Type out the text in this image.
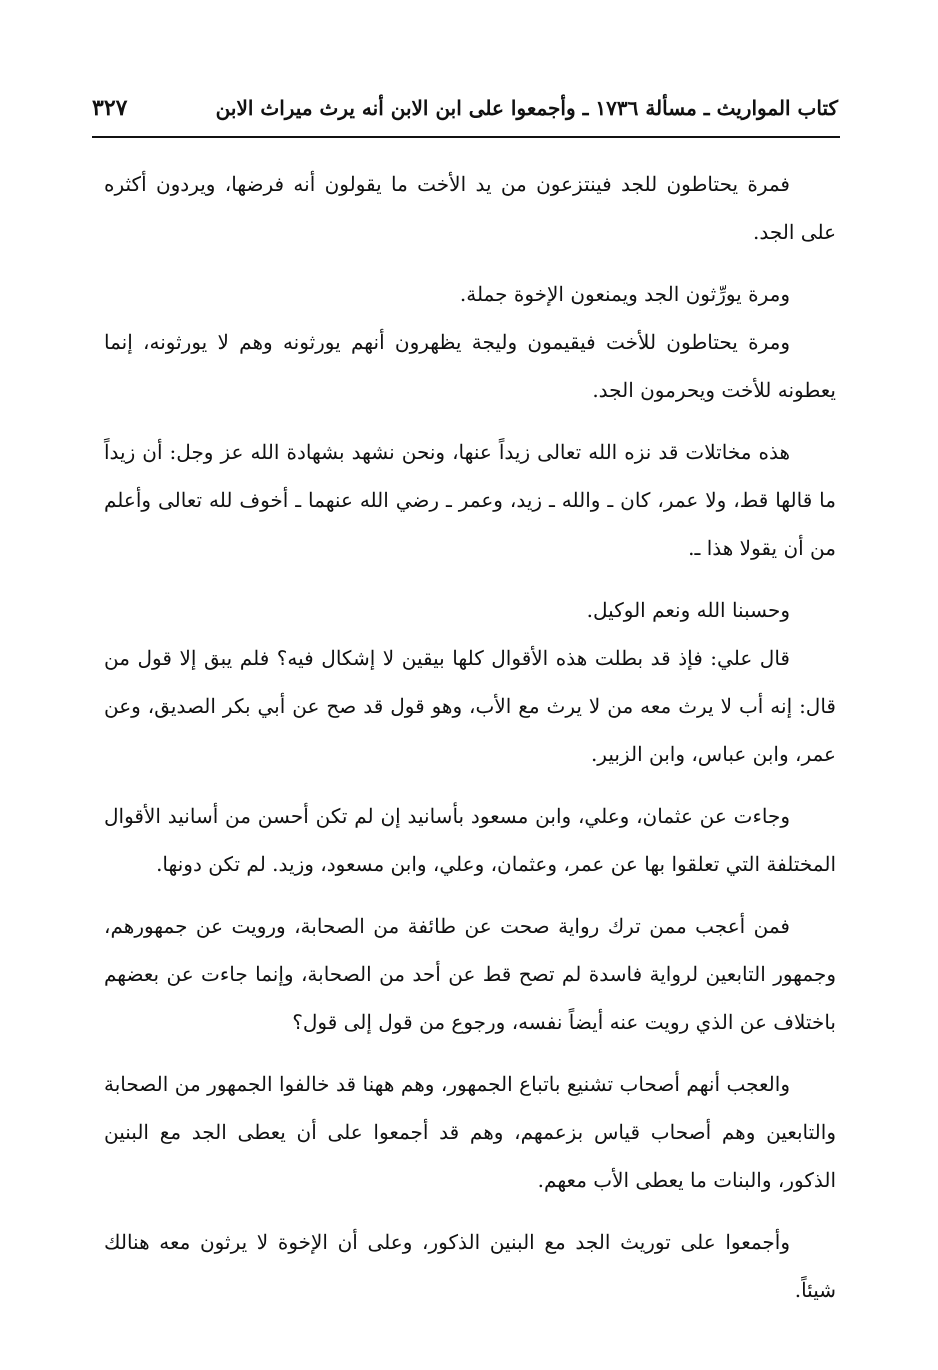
كتاب المواريث ـ مسألة ١٧٣٦ ـ وأجمعوا على ابن الابن أنه يرث ميراث الابن
٣٢٧

فمرة يحتاطون للجد فينتزعون من يد الأخت ما يقولون أنه فرضها، ويردون أكثره على الجد.

ومرة يورِّثون الجد ويمنعون الإخوة جملة.

ومرة يحتاطون للأخت فيقيمون وليجة يظهرون أنهم يورثونه وهم لا يورثونه، إنما يعطونه للأخت ويحرمون الجد.

هذه مخاتلات قد نزه الله تعالى زيداً عنها، ونحن نشهد بشهادة الله عز وجل: أن زيداً ما قالها قط، ولا عمر، كان ـ والله ـ زيد، وعمر ـ رضي الله عنهما ـ أخوف لله تعالى وأعلم من أن يقولا هذا ـ.

وحسبنا الله ونعم الوكيل.

قال علي: فإذ قد بطلت هذه الأقوال كلها بيقين لا إشكال فيه؟ فلم يبق إلا قول من قال: إنه أب لا يرث معه من لا يرث مع الأب، وهو قول قد صح عن أبي بكر الصديق، وعن عمر، وابن عباس، وابن الزبير.

وجاءت عن عثمان، وعلي، وابن مسعود بأسانيد إن لم تكن أحسن من أسانيد الأقوال المختلفة التي تعلقوا بها عن عمر، وعثمان، وعلي، وابن مسعود، وزيد. لم تكن دونها.

فمن أعجب ممن ترك رواية صحت عن طائفة من الصحابة، ورويت عن جمهورهم، وجمهور التابعين لرواية فاسدة لم تصح قط عن أحد من الصحابة، وإنما جاءت عن بعضهم باختلاف عن الذي رويت عنه أيضاً نفسه، ورجوع من قول إلى قول؟

والعجب أنهم أصحاب تشنيع باتباع الجمهور، وهم ههنا قد خالفوا الجمهور من الصحابة والتابعين وهم أصحاب قياس بزعمهم، وهم قد أجمعوا على أن يعطى الجد مع البنين الذكور، والبنات ما يعطى الأب معهم.

وأجمعوا على توريث الجد مع البنين الذكور، وعلى أن الإخوة لا يرثون معه هنالك شيئاً.
